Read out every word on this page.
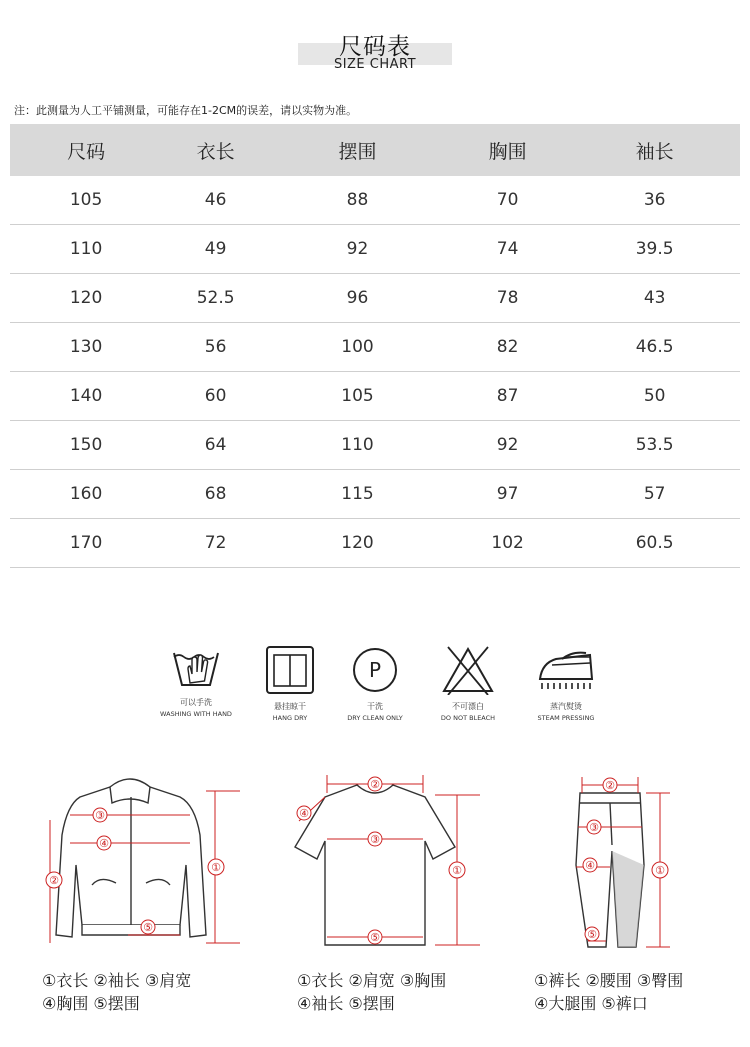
尺码表
SIZE CHART
注：此测量为人工平铺测量，可能存在1-2CM的误差，请以实物为准。
尺码	衣长	摆围	胸围	袖长
105	46	88	70	36
110	49	92	74	39.5
120	52.5	96	78	43
130	56	100	82	46.5
140	60	105	87	50
150	64	110	92	53.5
160	68	115	97	57
170	72	120	102	60.5
可以手洗
WASHING WITH HAND
悬挂晾干
HANG DRY
P
干洗
DRY CLEAN ONLY
不可漂白
DO NOT BLEACH
蒸汽熨烫
STEAM PRESSING
③
④
②
①
⑤
②
③
⑤
①
④
②
③
④
⑤
①
①衣长 ②袖长 ③肩宽
④胸围 ⑤摆围
①衣长 ②肩宽 ③胸围
④袖长 ⑤摆围
①裤长 ②腰围 ③臀围
④大腿围 ⑤裤口
